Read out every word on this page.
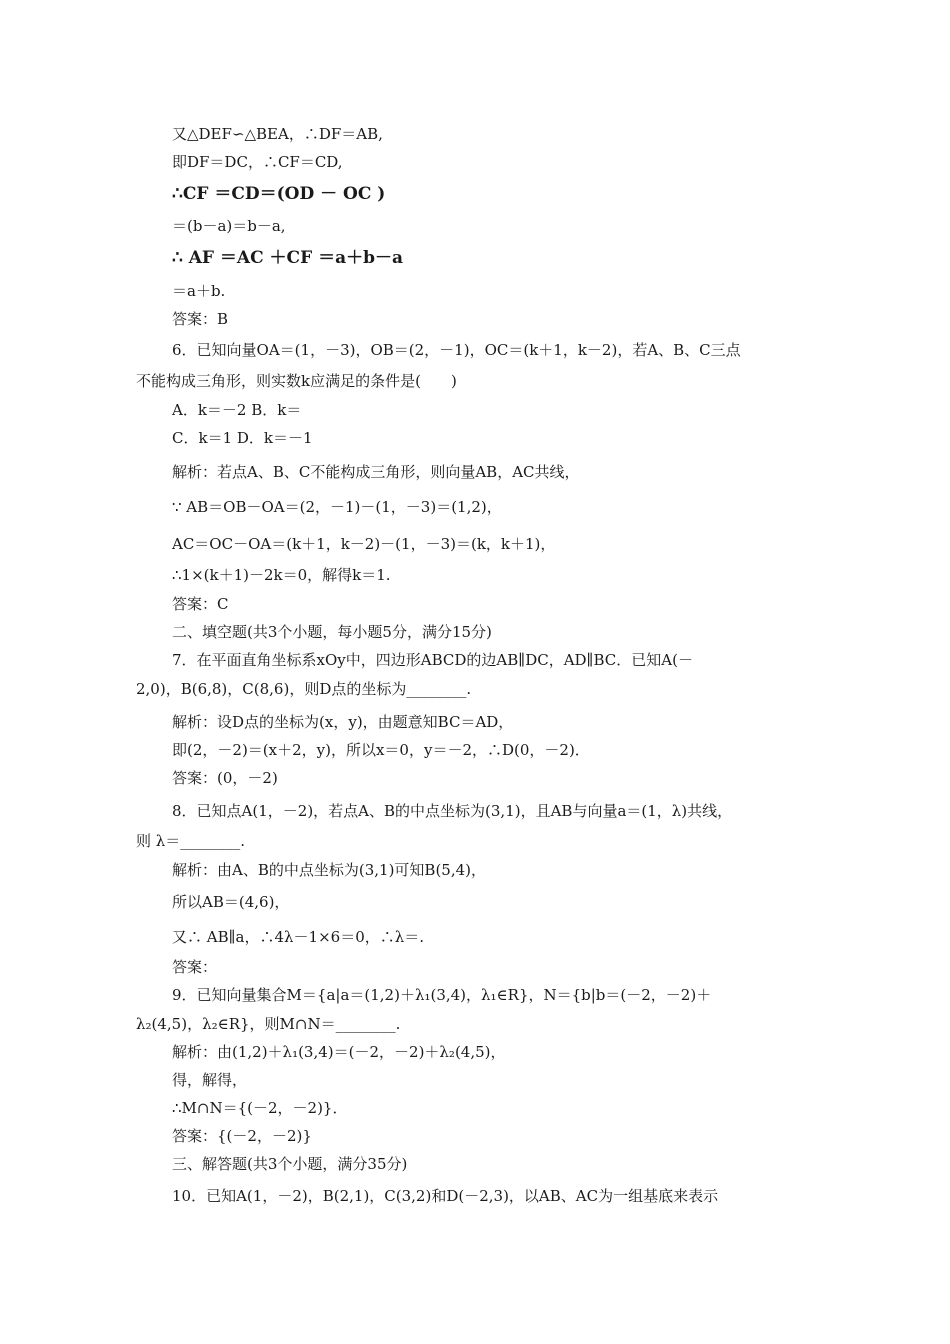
又△DEF∽△BEA，∴DF＝AB,
即DF＝DC，∴CF＝CD,
∴CF ＝CD＝(OD － OC )
＝(b－a)＝b－a,
∴ AF ＝AC ＋CF ＝a＋b－a
＝a＋b.
答案：B
6．已知向量OA＝(1，－3)，OB＝(2，－1)，OC＝(k＋1，k－2)，若A、B、C三点
不能构成三角形，则实数k应满足的条件是(　　)
A．k＝－2 B．k＝
C．k＝1 D．k＝－1
解析：若点A、B、C不能构成三角形，则向量AB，AC共线，
∵ AB＝OB－OA＝(2，－1)－(1，－3)＝(1,2)，
AC＝OC－OA＝(k＋1，k－2)－(1，－3)＝(k，k＋1)，
∴1×(k＋1)－2k＝0，解得k＝1.
答案：C
二、填空题(共3个小题，每小题5分，满分15分)
7．在平面直角坐标系xOy中，四边形ABCD的边AB∥DC，AD∥BC．已知A(－
2,0)，B(6,8)，C(8,6)，则D点的坐标为________.
解析：设D点的坐标为(x，y)，由题意知BC＝AD，
即(2，－2)＝(x＋2，y)，所以x＝0，y＝－2，∴D(0，－2)．
答案：(0，－2)
8．已知点A(1，－2)，若点A、B的中点坐标为(3,1)，且AB与向量a＝(1，λ)共线，
则 λ＝________.
解析：由A、B的中点坐标为(3,1)可知B(5,4)，
所以AB＝(4,6)，
又∴ AB∥a，∴4λ－1×6＝0，∴λ＝.
答案：
9．已知向量集合M＝{a|a＝(1,2)＋λ₁(3,4)，λ₁∈R}，N＝{b|b＝(－2，－2)＋
λ₂(4,5)，λ₂∈R}，则M∩N＝________.
解析：由(1,2)＋λ₁(3,4)＝(－2，－2)＋λ₂(4,5)，
得，解得，
∴M∩N＝{(－2，－2)}．
答案：{(－2，－2)}
三、解答题(共3个小题，满分35分)
10．已知A(1，－2)，B(2,1)，C(3,2)和D(－2,3)，以AB、AC为一组基底来表示
